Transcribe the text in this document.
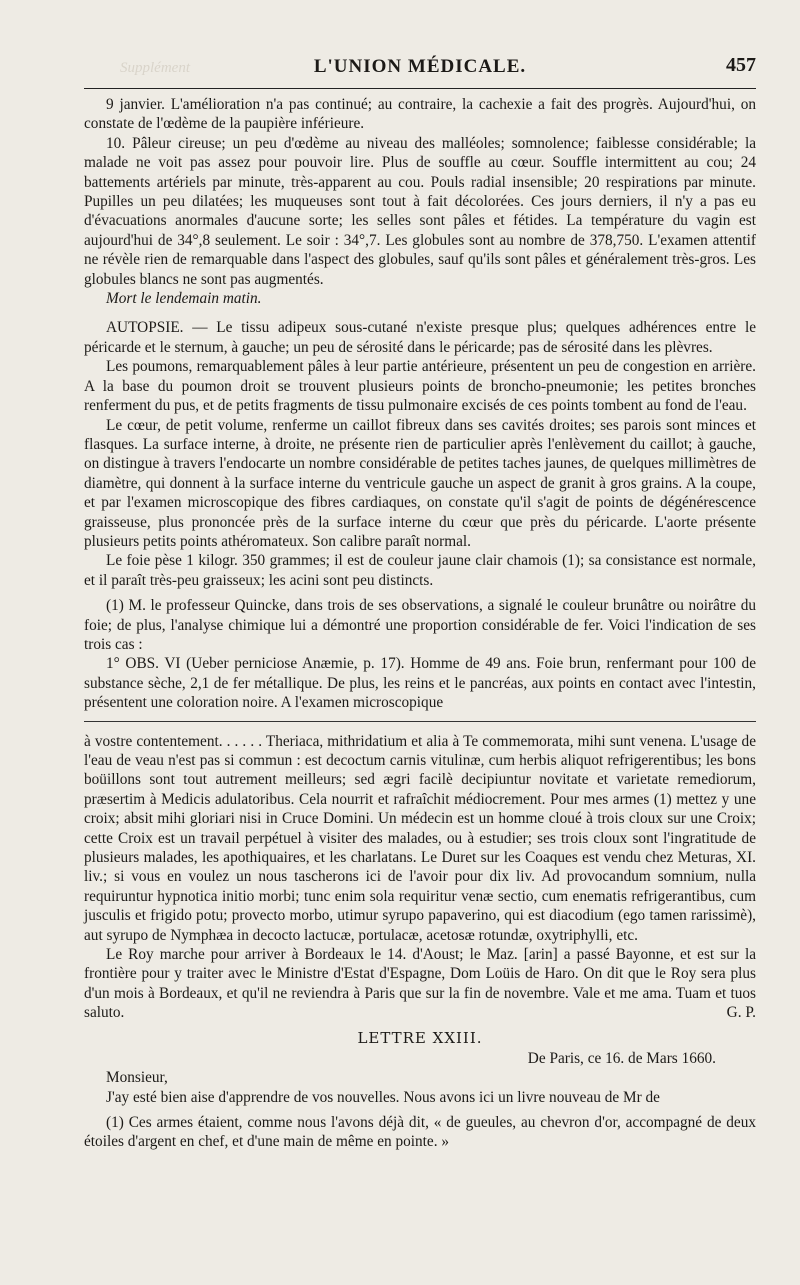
Supplément	L'UNION MÉDICALE.	457

9 janvier. L'amélioration n'a pas continué; au contraire, la cachexie a fait des progrès. Aujourd'hui, on constate de l'œdème de la paupière inférieure.

10. Pâleur cireuse; un peu d'œdème au niveau des malléoles; somnolence; faiblesse considérable; la malade ne voit pas assez pour pouvoir lire. Plus de souffle au cœur. Souffle intermittent au cou; 24 battements artériels par minute, très-apparent au cou. Pouls radial insensible; 20 respirations par minute. Pupilles un peu dilatées; les muqueuses sont tout à fait décolorées. Ces jours derniers, il n'y a pas eu d'évacuations anormales d'aucune sorte; les selles sont pâles et fétides. La température du vagin est aujourd'hui de 34°,8 seulement. Le soir : 34°,7. Les globules sont au nombre de 378,750. L'examen attentif ne révèle rien de remarquable dans l'aspect des globules, sauf qu'ils sont pâles et généralement très-gros. Les globules blancs ne sont pas augmentés.

Mort le lendemain matin.

AUTOPSIE. — Le tissu adipeux sous-cutané n'existe presque plus; quelques adhérences entre le péricarde et le sternum, à gauche; un peu de sérosité dans le péricarde; pas de sérosité dans les plèvres.

Les poumons, remarquablement pâles à leur partie antérieure, présentent un peu de congestion en arrière. A la base du poumon droit se trouvent plusieurs points de broncho-pneumonie; les petites bronches renferment du pus, et de petits fragments de tissu pulmonaire excisés de ces points tombent au fond de l'eau.

Le cœur, de petit volume, renferme un caillot fibreux dans ses cavités droites; ses parois sont minces et flasques. La surface interne, à droite, ne présente rien de particulier après l'enlèvement du caillot; à gauche, on distingue à travers l'endocarte un nombre considérable de petites taches jaunes, de quelques millimètres de diamètre, qui donnent à la surface interne du ventricule gauche un aspect de granit à gros grains. A la coupe, et par l'examen microscopique des fibres cardiaques, on constate qu'il s'agit de points de dégénérescence graisseuse, plus prononcée près de la surface interne du cœur que près du péricarde. L'aorte présente plusieurs petits points athéromateux. Son calibre paraît normal.

Le foie pèse 1 kilogr. 350 grammes; il est de couleur jaune clair chamois (1); sa consistance est normale, et il paraît très-peu graisseux; les acini sont peu distincts.

(1) M. le professeur Quincke, dans trois de ses observations, a signalé le couleur brunâtre ou noirâtre du foie; de plus, l'analyse chimique lui a démontré une proportion considérable de fer. Voici l'indication de ses trois cas :

1° OBS. VI (Ueber perniciose Anæmie, p. 17). Homme de 49 ans. Foie brun, renfermant pour 100 de substance sèche, 2,1 de fer métallique. De plus, les reins et le pancréas, aux points en contact avec l'intestin, présentent une coloration noire. A l'examen microscopique

à vostre contentement. . . . . . Theriaca, mithridatium et alia à Te commemorata, mihi sunt venena. L'usage de l'eau de veau n'est pas si commun : est decoctum carnis vitulinæ, cum herbis aliquot refrigerentibus; les bons boüillons sont tout autrement meilleurs; sed ægri facilè decipiuntur novitate et varietate remediorum, præsertim à Medicis adulatoribus. Cela nourrit et rafraîchit médiocrement. Pour mes armes (1) mettez y une croix; absit mihi gloriari nisi in Cruce Domini. Un médecin est un homme cloué à trois cloux sur une Croix; cette Croix est un travail perpétuel à visiter des malades, ou à estudier; ses trois cloux sont l'ingratitude de plusieurs malades, les apothiquaires, et les charlatans. Le Duret sur les Coaques est vendu chez Meturas, XI. liv.; si vous en voulez un nous tascherons ici de l'avoir pour dix liv. Ad provocandum somnium, nulla requiruntur hypnotica initio morbi; tunc enim sola requiritur venæ sectio, cum enematis refrigerantibus, cum jusculis et frigido potu; provecto morbo, utimur syrupo papaverino, qui est diacodium (ego tamen rarissimè), aut syrupo de Nymphæa in decocto lactucæ, portulacæ, acetosæ rotundæ, oxytriphylli, etc.

Le Roy marche pour arriver à Bordeaux le 14. d'Aoust; le Maz. [arin] a passé Bayonne, et est sur la frontière pour y traiter avec le Ministre d'Estat d'Espagne, Dom Loüis de Haro. On dit que le Roy sera plus d'un mois à Bordeaux, et qu'il ne reviendra à Paris que sur la fin de novembre. Vale et me ama. Tuam et tuos saluto.	G. P.

LETTRE XXIII.

De Paris, ce 16. de Mars 1660.

Monsieur,

J'ay esté bien aise d'apprendre de vos nouvelles. Nous avons ici un livre nouveau de Mr de

(1) Ces armes étaient, comme nous l'avons déjà dit, « de gueules, au chevron d'or, accompagné de deux étoiles d'argent en chef, et d'une main de même en pointe. »
